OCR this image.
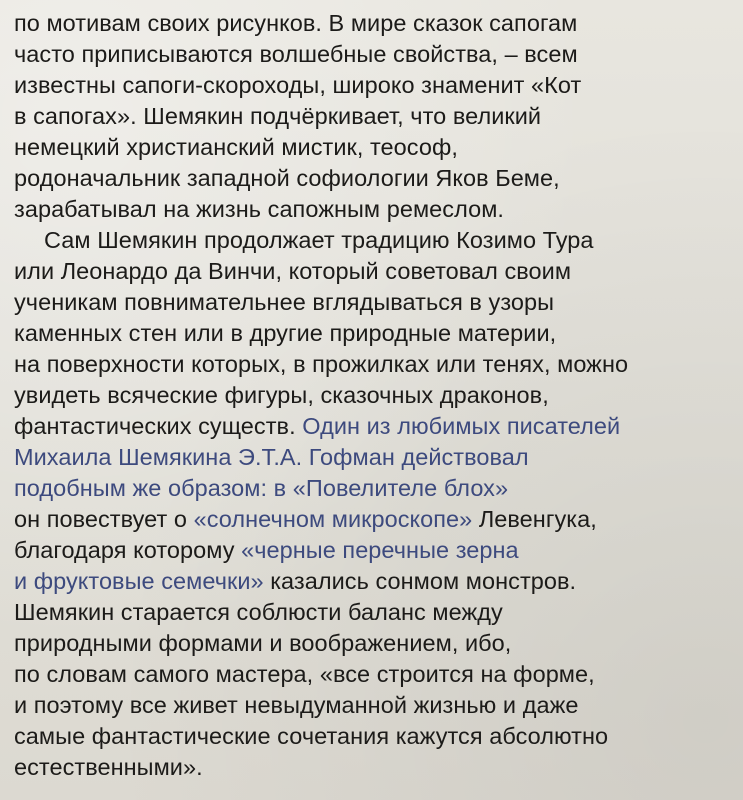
по мотивам своих рисунков. В мире сказок сапогам
часто приписываются волшебные свойства, – всем
известны сапоги-скороходы, широко знаменит «Кот
в сапогах». Шемякин подчёркивает, что великий
немецкий христианский мистик, теософ,
родоначальник западной софиологии Яков Беме,
зарабатывал на жизнь сапожным ремеслом.
Сам Шемякин продолжает традицию Козимо Тура
или Леонардо да Винчи, который советовал своим
ученикам повнимательнее вглядываться в узоры
каменных стен или в другие природные материи,
на поверхности которых, в прожилках или тенях, можно
увидеть всяческие фигуры, сказочных драконов,
фантастических существ. Один из любимых писателей
Михаила Шемякина Э.Т.А. Гофман действовал
подобным же образом: в «Повелителе блох»
он повествует о «солнечном микроскопе» Левенгука,
благодаря которому «черные перечные зерна
и фруктовые семечки» казались сонмом монстров.
Шемякин старается соблюсти баланс между
природными формами и воображением, ибо,
по словам самого мастера, «все строится на форме,
и поэтому все живет невыдуманной жизнью и даже
самые фантастические сочетания кажутся абсолютно
естественными».
